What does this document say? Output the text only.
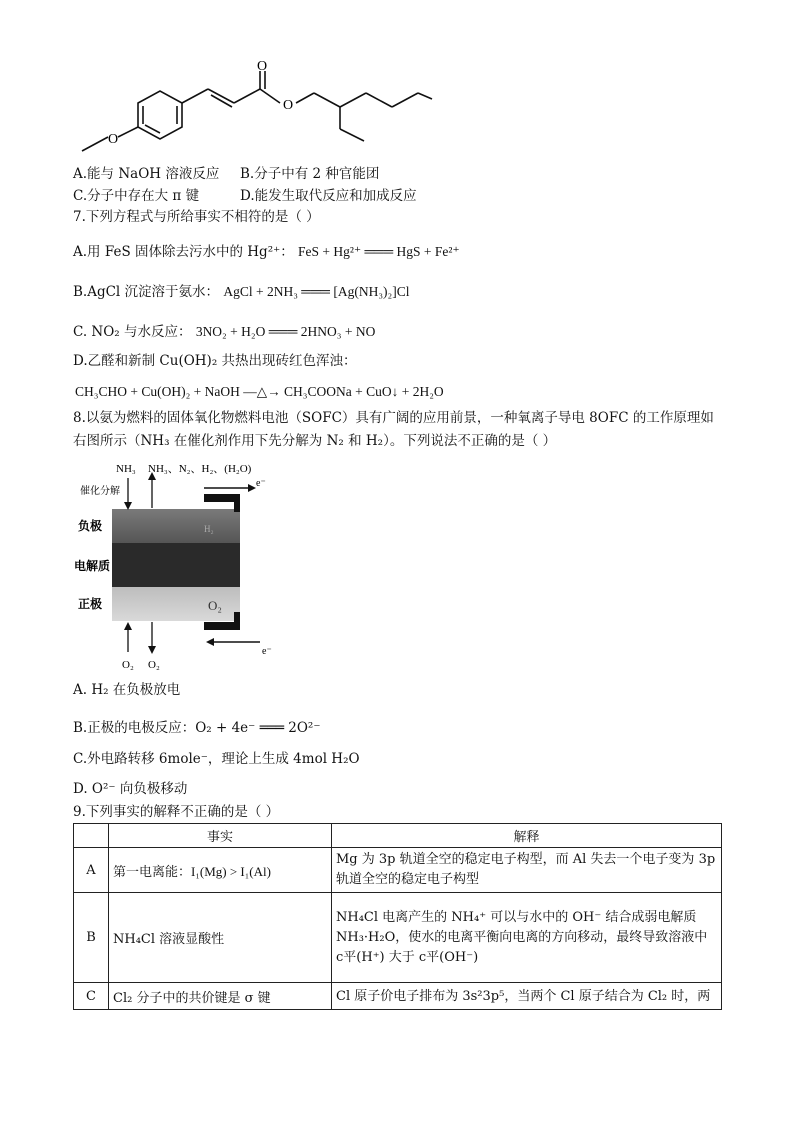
O
O
O
A.能与 NaOH 溶液反应 B.分子中有 2 种官能团
C.分子中存在大 π 键	D.能发生取代反应和加成反应
7.下列方程式与所给事实不相符的是（ ）
A.用 FeS 固体除去污水中的 Hg²⁺： FeS + Hg²⁺ ═══ HgS + Fe²⁺
B.AgCl 沉淀溶于氨水： AgCl + 2NH₃ ═══ [Ag(NH₃)₂]Cl
C. NO₂ 与水反应： 3NO₂ + H₂O ═══ 2HNO₃ + NO
D.乙醛和新制 Cu(OH)₂ 共热出现砖红色浑浊：
CH₃CHO + Cu(OH)₂ + NaOH —△→ CH₃COONa + CuO↓ + 2H₂O
8.以氨为燃料的固体氧化物燃料电池（SOFC）具有广阔的应用前景，一种氧离子导电 8OFC 的工作原理如
右图所示（NH₃ 在催化剂作用下先分解为 N₂ 和 H₂）。下列说法不正确的是（ ）
NH₃ NH₃、N₂、H₂、(H₂O)
催化分解
负极
电解质
正极
O₂ O₂
e⁻
e⁻
H₂
O₂
A. H₂ 在负极放电
B.正极的电极反应：O₂ + 4e⁻ ═══ 2O²⁻
C.外电路转移 6mole⁻，理论上生成 4mol H₂O
D. O²⁻ 向负极移动
9.下列事实的解释不正确的是（ ）
	事实	解释
A	第一电离能：I₁(Mg) > I₁(Al)	Mg 为 3p 轨道全空的稳定电子构型，而 Al 失去一个电子变为 3p 轨道全空的稳定电子构型
B	NH₄Cl 溶液显酸性	NH₄Cl 电离产生的 NH₄⁺ 可以与水中的 OH⁻ 结合成弱电解质 NH₃·H₂O，使水的电离平衡向电离的方向移动，最终导致溶液中 c平(H⁺) 大于 c平(OH⁻)
C	Cl₂ 分子中的共价键是 σ 键	Cl 原子价电子排布为 3s²3p⁵，当两个 Cl 原子结合为 Cl₂ 时，两
